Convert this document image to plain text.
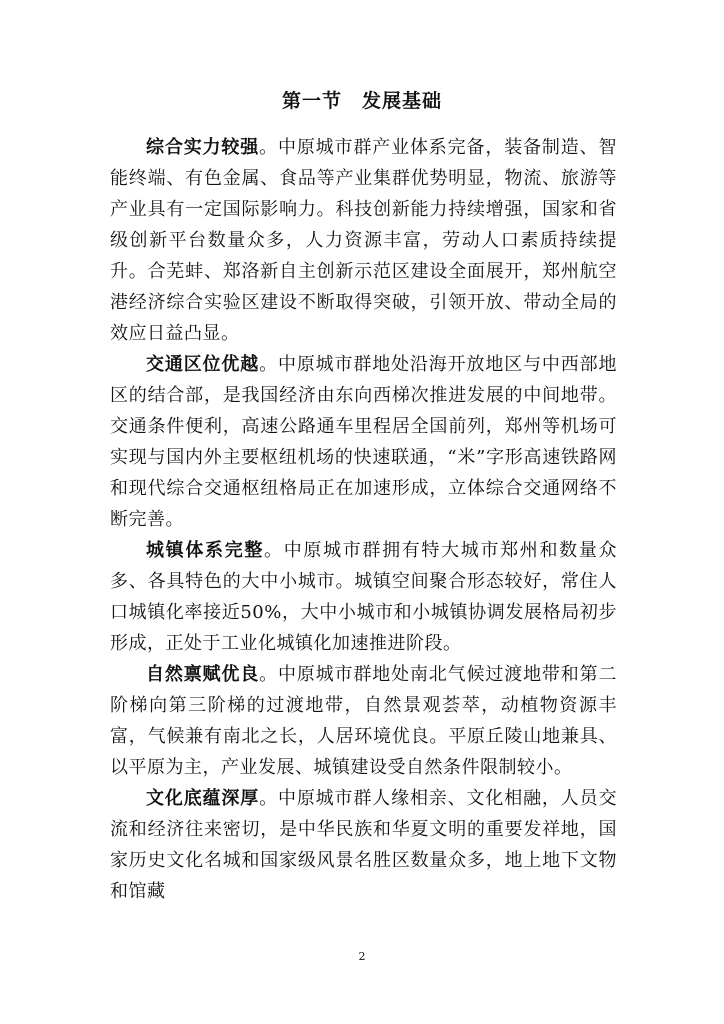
第一节　发展基础

综合实力较强。中原城市群产业体系完备，装备制造、智能终端、有色金属、食品等产业集群优势明显，物流、旅游等产业具有一定国际影响力。科技创新能力持续增强，国家和省级创新平台数量众多，人力资源丰富，劳动人口素质持续提升。合芜蚌、郑洛新自主创新示范区建设全面展开，郑州航空港经济综合实验区建设不断取得突破，引领开放、带动全局的效应日益凸显。

交通区位优越。中原城市群地处沿海开放地区与中西部地区的结合部，是我国经济由东向西梯次推进发展的中间地带。交通条件便利，高速公路通车里程居全国前列，郑州等机场可实现与国内外主要枢纽机场的快速联通，“米”字形高速铁路网和现代综合交通枢纽格局正在加速形成，立体综合交通网络不断完善。

城镇体系完整。中原城市群拥有特大城市郑州和数量众多、各具特色的大中小城市。城镇空间聚合形态较好，常住人口城镇化率接近50%，大中小城市和小城镇协调发展格局初步形成，正处于工业化城镇化加速推进阶段。

自然禀赋优良。中原城市群地处南北气候过渡地带和第二阶梯向第三阶梯的过渡地带，自然景观荟萃，动植物资源丰富，气候兼有南北之长，人居环境优良。平原丘陵山地兼具、以平原为主，产业发展、城镇建设受自然条件限制较小。

文化底蕴深厚。中原城市群人缘相亲、文化相融，人员交流和经济往来密切，是中华民族和华夏文明的重要发祥地，国家历史文化名城和国家级风景名胜区数量众多，地上地下文物和馆藏

2
